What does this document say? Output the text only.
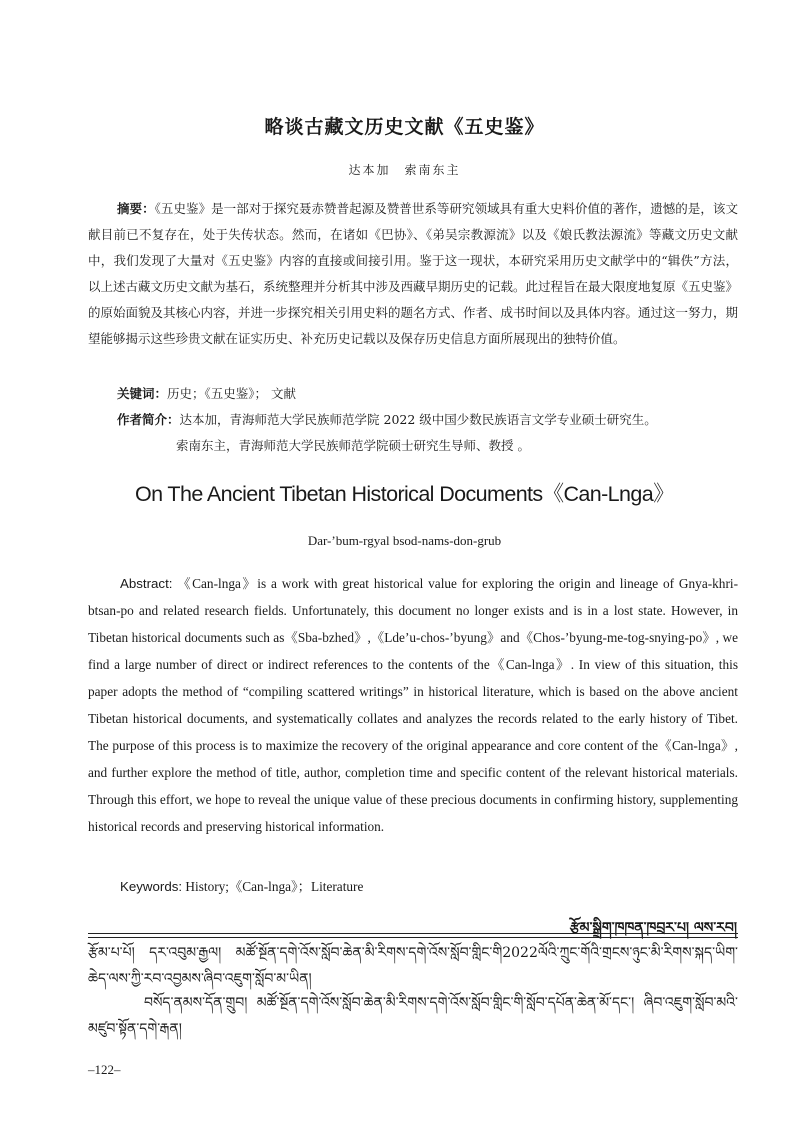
略谈古藏文历史文献《五史鉴》
达本加　索南东主

摘要：《五史鉴》是一部对于探究聂赤赞普起源及赞普世系等研究领域具有重大史料价值的著作，遗憾的是，该文献目前已不复存在，处于失传状态。然而，在诸如《巴协》、《弟吴宗教源流》以及《娘氏教法源流》等藏文历史文献中，我们发现了大量对《五史鉴》内容的直接或间接引用。鉴于这一现状，本研究采用历史文献学中的“辑佚”方法，以上述古藏文历史文献为基石，系统整理并分析其中涉及西藏早期历史的记载。此过程旨在最大限度地复原《五史鉴》的原始面貌及其核心内容，并进一步探究相关引用史料的题名方式、作者、成书时间以及具体内容。通过这一努力，期望能够揭示这些珍贵文献在证实历史、补充历史记载以及保存历史信息方面所展现出的独特价值。

关键词：历史；《五史鉴》； 文献

作者简介：达本加，青海师范大学民族师范学院 2022 级中国少数民族语言文学专业硕士研究生。

索南东主，青海师范大学民族师范学院硕士研究生导师、教授 。

On The Ancient Tibetan Historical Documents《Can-Lnga》
Dar-’bum-rgyal bsod-nams-don-grub

Abstract: 《Can-lnga》is a work with great historical value for exploring the origin and lineage of Gnya-khri-btsan-po and related research fields. Unfortunately, this document no longer exists and is in a lost state. However, in Tibetan historical documents such as《Sba-bzhed》,《Lde’u-chos-’byung》and《Chos-’byung-me-tog-snying-po》, we find a large number of direct or indirect references to the contents of the《Can-lnga》. In view of this situation, this paper adopts the method of “compiling scattered writings” in historical literature, which is based on the above ancient Tibetan historical documents, and systematically collates and analyzes the records related to the early history of Tibet. The purpose of this process is to maximize the recovery of the original appearance and core content of the《Can-lnga》, and further explore the method of title, author, completion time and specific content of the relevant historical materials. Through this effort, we hope to reveal the unique value of these precious documents in confirming history, supplementing historical records and preserving historical information.

Keywords: History;《Can-lnga》；Literature

རྩོམ་སྒྲིག་ཁཁན་ཁབྲར་པ། ལས་རབ།

རྩོམ་པ་པོ། དར་འབུམ་རྒྱལ། མཚོ་སྔོན་དགེ་འོས་སློབ་ཆེན་མི་རིགས་དགེ་འོས་སློབ་གླིང་གི2022ལོའི་ཀྲུང་གོའི་གྲངས་ཉུང་མི་རིགས་སྐད་ཡིག་ཆེད་ལས་ཀྱི་རབ་འབྱམས་ཞིབ་འཇུག་སློབ་མ་ཡིན།

བསོད་ནམས་དོན་གྲུབ། མཚོ་སྔོན་དགེ་འོས་སློབ་ཆེན་མི་རིགས་དགེ་འོས་སློབ་གླིང་གི་སློབ་དཔོན་ཆེན་མོ་དང་། ཞིབ་འཇུག་སློབ་མའི་མཛུབ་སྟོན་དགེ་རྒན།

–122–
